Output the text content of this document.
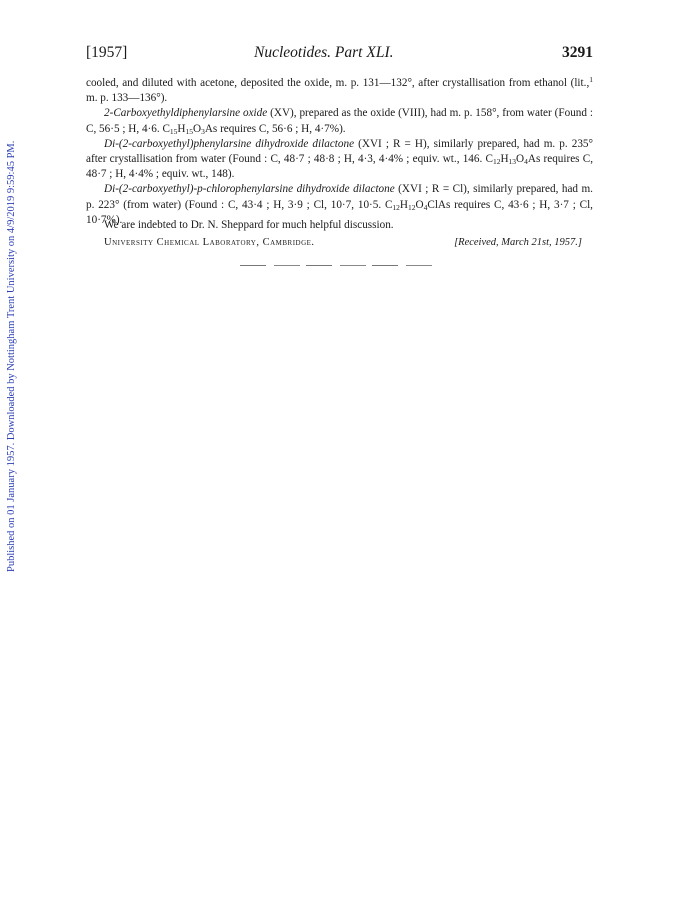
Published on 01 January 1957. Downloaded by Nottingham Trent University on 4/9/2019 9:59:45 PM.
[1957]	Nucleotides. Part XLI.	3291

cooled, and diluted with acetone, deposited the oxide, m. p. 131—132°, after crystallisation from ethanol (lit.,$^1$ m. p. 133—136°).

2-Carboxyethyldiphenylarsine oxide (XV), prepared as the oxide (VIII), had m. p. 158°, from water (Found : C, 56·5 ; H, 4·6. $C_{15}H_{15}O_3As$ requires C, 56·6 ; H, 4·7%).

Di-(2-carboxyethyl)phenylarsine dihydroxide dilactone (XVI ; R = H), similarly prepared, had m. p. 235° after crystallisation from water (Found : C, 48·7 ; 48·8 ; H, 4·3, 4·4% ; equiv. wt., 146. $C_{12}H_{13}O_4As$ requires C, 48·7 ; H, 4·4% ; equiv. wt., 148).

Di-(2-carboxyethyl)-p-chlorophenylarsine dihydroxide dilactone (XVI ; R = Cl), similarly prepared, had m. p. 223° (from water) (Found : C, 43·4 ; H, 3·9 ; Cl, 10·7, 10·5. $C_{12}H_{12}O_4ClAs$ requires C, 43·6 ; H, 3·7 ; Cl, 10·7%).

We are indebted to Dr. N. Sheppard for much helpful discussion.

University Chemical Laboratory, Cambridge.	[Received, March 21st, 1957.]
